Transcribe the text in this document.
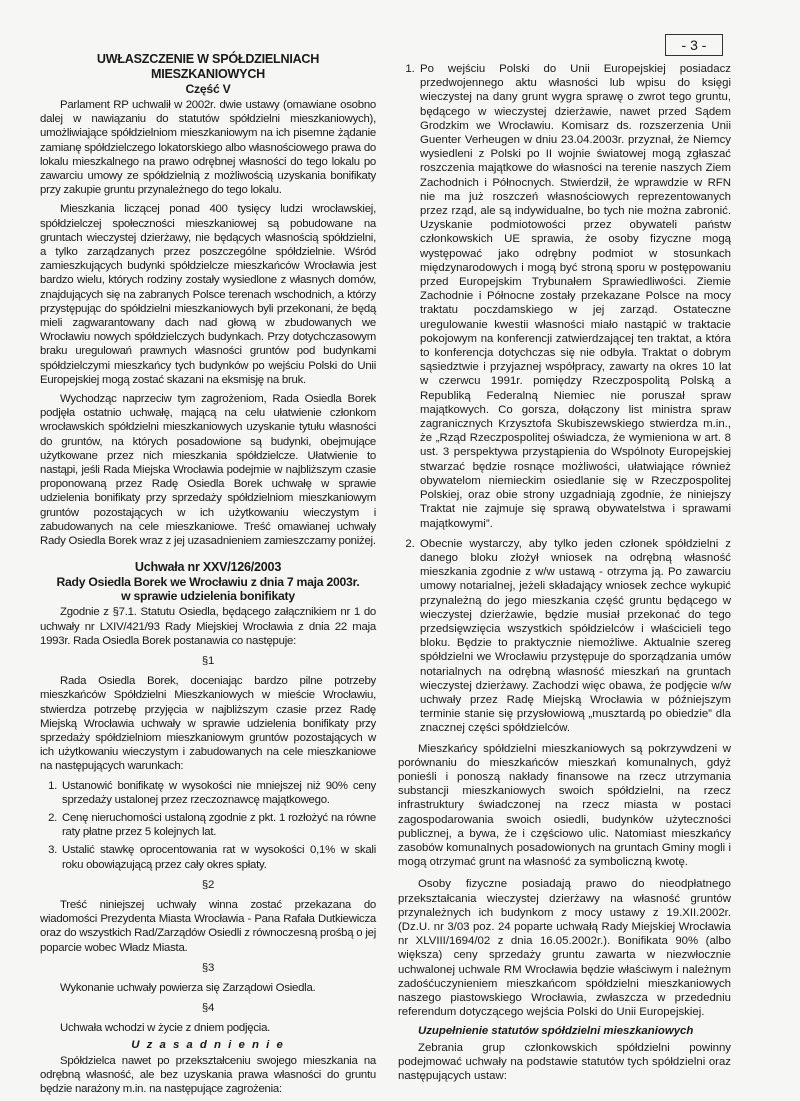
- 3 -
UWŁASZCZENIE W SPÓŁDZIELNIACH MIESZKANIOWYCH
Część V

Parlament RP uchwalił w 2002r. dwie ustawy (omawiane osobno dalej w nawiązaniu do statutów spółdzielni mieszkaniowych), umożliwiające spółdzielniom mieszkaniowym na ich pisemne żądanie zamianę spółdzielczego lokatorskiego albo własnościowego prawa do lokalu mieszkalnego na prawo odrębnej własności do tego lokalu po zawarciu umowy ze spółdzielnią z możliwością uzyskania bonifikaty przy zakupie gruntu przynależnego do tego lokalu.

Mieszkania liczącej ponad 400 tysięcy ludzi wrocławskiej, spółdzielczej społeczności mieszkaniowej są pobudowane na gruntach wieczystej dzierżawy, nie będących własnością spółdzielni, a tylko zarządzanych przez poszczególne spółdzielnie. Wśród zamieszkujących budynki spółdzielcze mieszkańców Wrocławia jest bardzo wielu, których rodziny zostały wysiedlone z własnych domów, znajdujących się na zabranych Polsce terenach wschodnich, a którzy przystępując do spółdzielni mieszkaniowych byli przekonani, że będą mieli zagwarantowany dach nad głową w zbudowanych we Wrocławiu nowych spółdzielczych budynkach. Przy dotychczasowym braku uregulowań prawnych własności gruntów pod budynkami spółdzielczymi mieszkańcy tych budynków po wejściu Polski do Unii Europejskiej mogą zostać skazani na eksmisję na bruk.

Wychodząc naprzeciw tym zagrożeniom, Rada Osiedla Borek podjęła ostatnio uchwałę, mającą na celu ułatwienie członkom wrocławskich spółdzielni mieszkaniowych uzyskanie tytułu własności do gruntów, na których posadowione są budynki, obejmujące użytkowane przez nich mieszkania spółdzielcze. Ułatwienie to nastąpi, jeśli Rada Miejska Wrocławia podejmie w najbliższym czasie proponowaną przez Radę Osiedla Borek uchwałę w sprawie udzielenia bonifikaty przy sprzedaży spółdzielniom mieszkaniowym gruntów pozostających w ich użytkowaniu wieczystym i zabudowanych na cele mieszkaniowe. Treść omawianej uchwały Rady Osiedla Borek wraz z jej uzasadnieniem zamieszczamy poniżej.

Uchwała nr XXV/126/2003
Rady Osiedla Borek we Wrocławiu z dnia 7 maja 2003r.
w sprawie udzielenia bonifikaty

Zgodnie z §7.1. Statutu Osiedla, będącego załącznikiem nr 1 do uchwały nr LXIV/421/93 Rady Miejskiej Wrocławia z dnia 22 maja 1993r. Rada Osiedla Borek postanawia co następuje:

§1

Rada Osiedla Borek, doceniając bardzo pilne potrzeby mieszkańców Spółdzielni Mieszkaniowych w mieście Wrocławiu, stwierdza potrzebę przyjęcia w najbliższym czasie przez Radę Miejską Wrocławia uchwały w sprawie udzielenia bonifikaty przy sprzedaży spółdzielniom mieszkaniowym gruntów pozostających w ich użytkowaniu wieczystym i zabudowanych na cele mieszkaniowe na następujących warunkach:

1. Ustanowić bonifikatę w wysokości nie mniejszej niż 90% ceny sprzedaży ustalonej przez rzeczoznawcę majątkowego.
2. Cenę nieruchomości ustaloną zgodnie z pkt. 1 rozłożyć na równe raty płatne przez 5 kolejnych lat.
3. Ustalić stawkę oprocentowania rat w wysokości 0,1% w skali roku obowiązującą przez cały okres spłaty.
§2

Treść niniejszej uchwały winna zostać przekazana do wiadomości Prezydenta Miasta Wrocławia - Pana Rafała Dutkiewicza oraz do wszystkich Rad/Zarządów Osiedli z równoczesną prośbą o jej poparcie wobec Władz Miasta.

§3

Wykonanie uchwały powierza się Zarządowi Osiedla.

§4

Uchwała wchodzi w życie z dniem podjęcia.

U z a s a d n i e n i e

Spółdzielca nawet po przekształceniu swojego mieszkania na odrębną własność, ale bez uzyskania prawa własności do gruntu będzie narażony m.in. na następujące zagrożenia:

1. Po wejściu Polski do Unii Europejskiej posiadacz przedwojennego aktu własności lub wpisu do księgi wieczystej na dany grunt wygra sprawę o zwrot tego gruntu, będącego w wieczystej dzierżawie, nawet przed Sądem Grodzkim we Wrocławiu. Komisarz ds. rozszerzenia Unii Guenter Verheugen w dniu 23.04.2003r. przyznał, że Niemcy wysiedleni z Polski po II wojnie światowej mogą zgłaszać roszczenia majątkowe do własności na terenie naszych Ziem Zachodnich i Północnych. Stwierdził, że wprawdzie w RFN nie ma już roszczeń własnościowych reprezentowanych przez rząd, ale są indywidualne, bo tych nie można zabronić. Uzyskanie podmiotowości przez obywateli państw członkowskich UE sprawia, że osoby fizyczne mogą występować jako odrębny podmiot w stosunkach międzynarodowych i mogą być stroną sporu w postępowaniu przed Europejskim Trybunałem Sprawiedliwości. Ziemie Zachodnie i Północne zostały przekazane Polsce na mocy traktatu poczdamskiego w jej zarząd. Ostateczne uregulowanie kwestii własności miało nastąpić w traktacie pokojowym na konferencji zatwierdzającej ten traktat, a która to konferencja dotychczas się nie odbyła. Traktat o dobrym sąsiedztwie i przyjaznej współpracy, zawarty na okres 10 lat w czerwcu 1991r. pomiędzy Rzeczpospolitą Polską a Republiką Federalną Niemiec nie poruszał spraw majątkowych. Co gorsza, dołączony list ministra spraw zagranicznych Krzysztofa Skubiszewskiego stwierdza m.in., że „Rząd Rzeczpospolitej oświadcza, że wymieniona w art. 8 ust. 3 perspektywa przystąpienia do Wspólnoty Europejskiej stwarzać będzie rosnące możliwości, ułatwiające również obywatelom niemieckim osiedlanie się w Rzeczpospolitej Polskiej, oraz obie strony uzgadniają zgodnie, że niniejszy Traktat nie zajmuje się sprawą obywatelstwa i sprawami majątkowymi”.
2. Obecnie wystarczy, aby tylko jeden członek spółdzielni z danego bloku złożył wniosek na odrębną własność mieszkania zgodnie z w/w ustawą - otrzyma ją. Po zawarciu umowy notarialnej, jeżeli składający wniosek zechce wykupić przynależną do jego mieszkania część gruntu będącego w wieczystej dzierżawie, będzie musiał przekonać do tego przedsięwzięcia wszystkich spółdzielców i właścicieli tego bloku. Będzie to praktycznie niemożliwe. Aktualnie szereg spółdzielni we Wrocławiu przystępuje do sporządzania umów notarialnych na odrębną własność mieszkań na gruntach wieczystej dzierżawy. Zachodzi więc obawa, że podjęcie w/w uchwały przez Radę Miejską Wrocławia w późniejszym terminie stanie się przysłowiową „musztardą po obiedzie” dla znacznej części spółdzielców.

Mieszkańcy spółdzielni mieszkaniowych są pokrzywdzeni w porównaniu do mieszkańców mieszkań komunalnych, gdyż ponieśli i ponoszą nakłady finansowe na rzecz utrzymania substancji mieszkaniowych swoich spółdzielni, na rzecz infrastruktury świadczonej na rzecz miasta w postaci zagospodarowania swoich osiedli, budynków użyteczności publicznej, a bywa, że i częściowo ulic. Natomiast mieszkańcy zasobów komunalnych posadowionych na gruntach Gminy mogli i mogą otrzymać grunt na własność za symboliczną kwotę.

Osoby fizyczne posiadają prawo do nieodpłatnego przekształcania wieczystej dzierżawy na własność gruntów przynależnych ich budynkom z mocy ustawy z 19.XII.2002r. (Dz.U. nr 3/03 poz. 24 poparte uchwałą Rady Miejskiej Wrocławia nr XLVIII/1694/02 z dnia 16.05.2002r.). Bonifikata 90% (albo większa) ceny sprzedaży gruntu zawarta w niezwłocznie uchwalonej uchwale RM Wrocławia będzie właściwym i należnym zadośćuczynieniem mieszkańcom spółdzielni mieszkaniowych naszego piastowskiego Wrocławia, zwłaszcza w przededniu referendum dotyczącego wejścia Polski do Unii Europejskiej.

Uzupełnienie statutów spółdzielni mieszkaniowych

Zebrania grup członkowskich spółdzielni powinny podejmować uchwały na podstawie statutów tych spółdzielni oraz następujących ustaw:
